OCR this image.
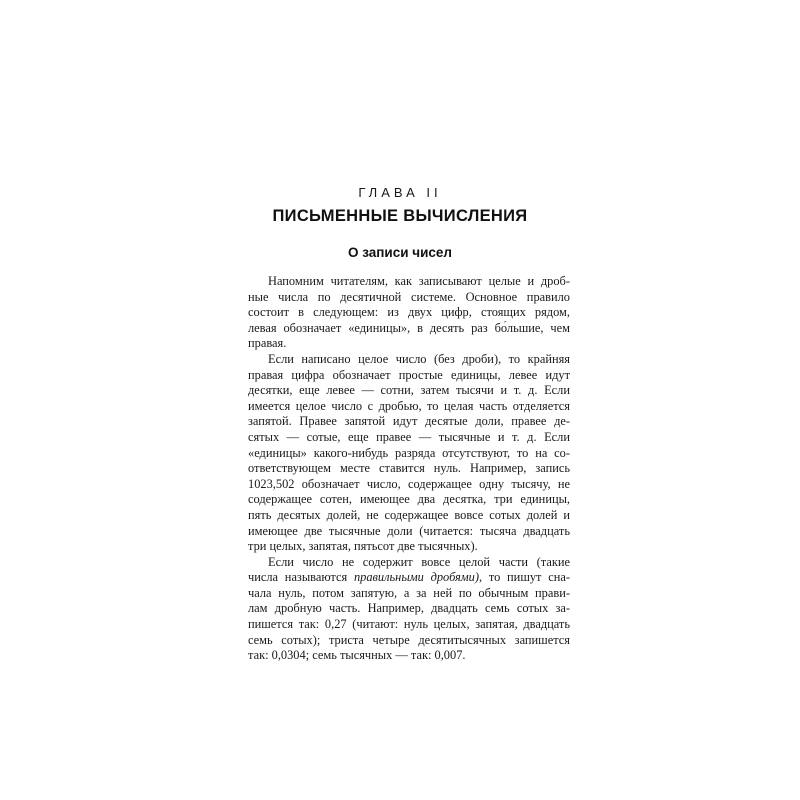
ГЛАВА II
ПИСЬМЕННЫЕ ВЫЧИСЛЕНИЯ
О записи чисел
Напомним читателям, как записывают целые и дроб-
ные числа по десятичной системе. Основное правило
состоит в следующем: из двух цифр, стоящих рядом,
левая обозначает «единицы», в десять раз бо́льшие, чем
правая.
Если написано целое число (без дроби), то крайняя
правая цифра обозначает простые единицы, левее идут
десятки, еще левее — сотни, затем тысячи и т. д. Если
имеется целое число с дробью, то целая часть отделяется
запятой. Правее запятой идут десятые доли, правее де-
сятых — сотые, еще правее — тысячные и т. д. Если
«единицы» какого-нибудь разряда отсутствуют, то на со-
ответствующем месте ставится нуль. Например, запись
1023,502 обозначает число, содержащее одну тысячу, не
содержащее сотен, имеющее два десятка, три единицы,
пять десятых долей, не содержащее вовсе сотых долей и
имеющее две тысячные доли (читается: тысяча двадцать
три целых, запятая, пятьсот две тысячных).
Если число не содержит вовсе целой части (такие
числа называются правильными дробями), то пишут сна-
чала нуль, потом запятую, а за ней по обычным прави-
лам дробную часть. Например, двадцать семь сотых за-
пишется так: 0,27 (читают: нуль целых, запятая, двадцать
семь сотых); триста четыре десятитысячных запишется
так: 0,0304; семь тысячных — так: 0,007.
